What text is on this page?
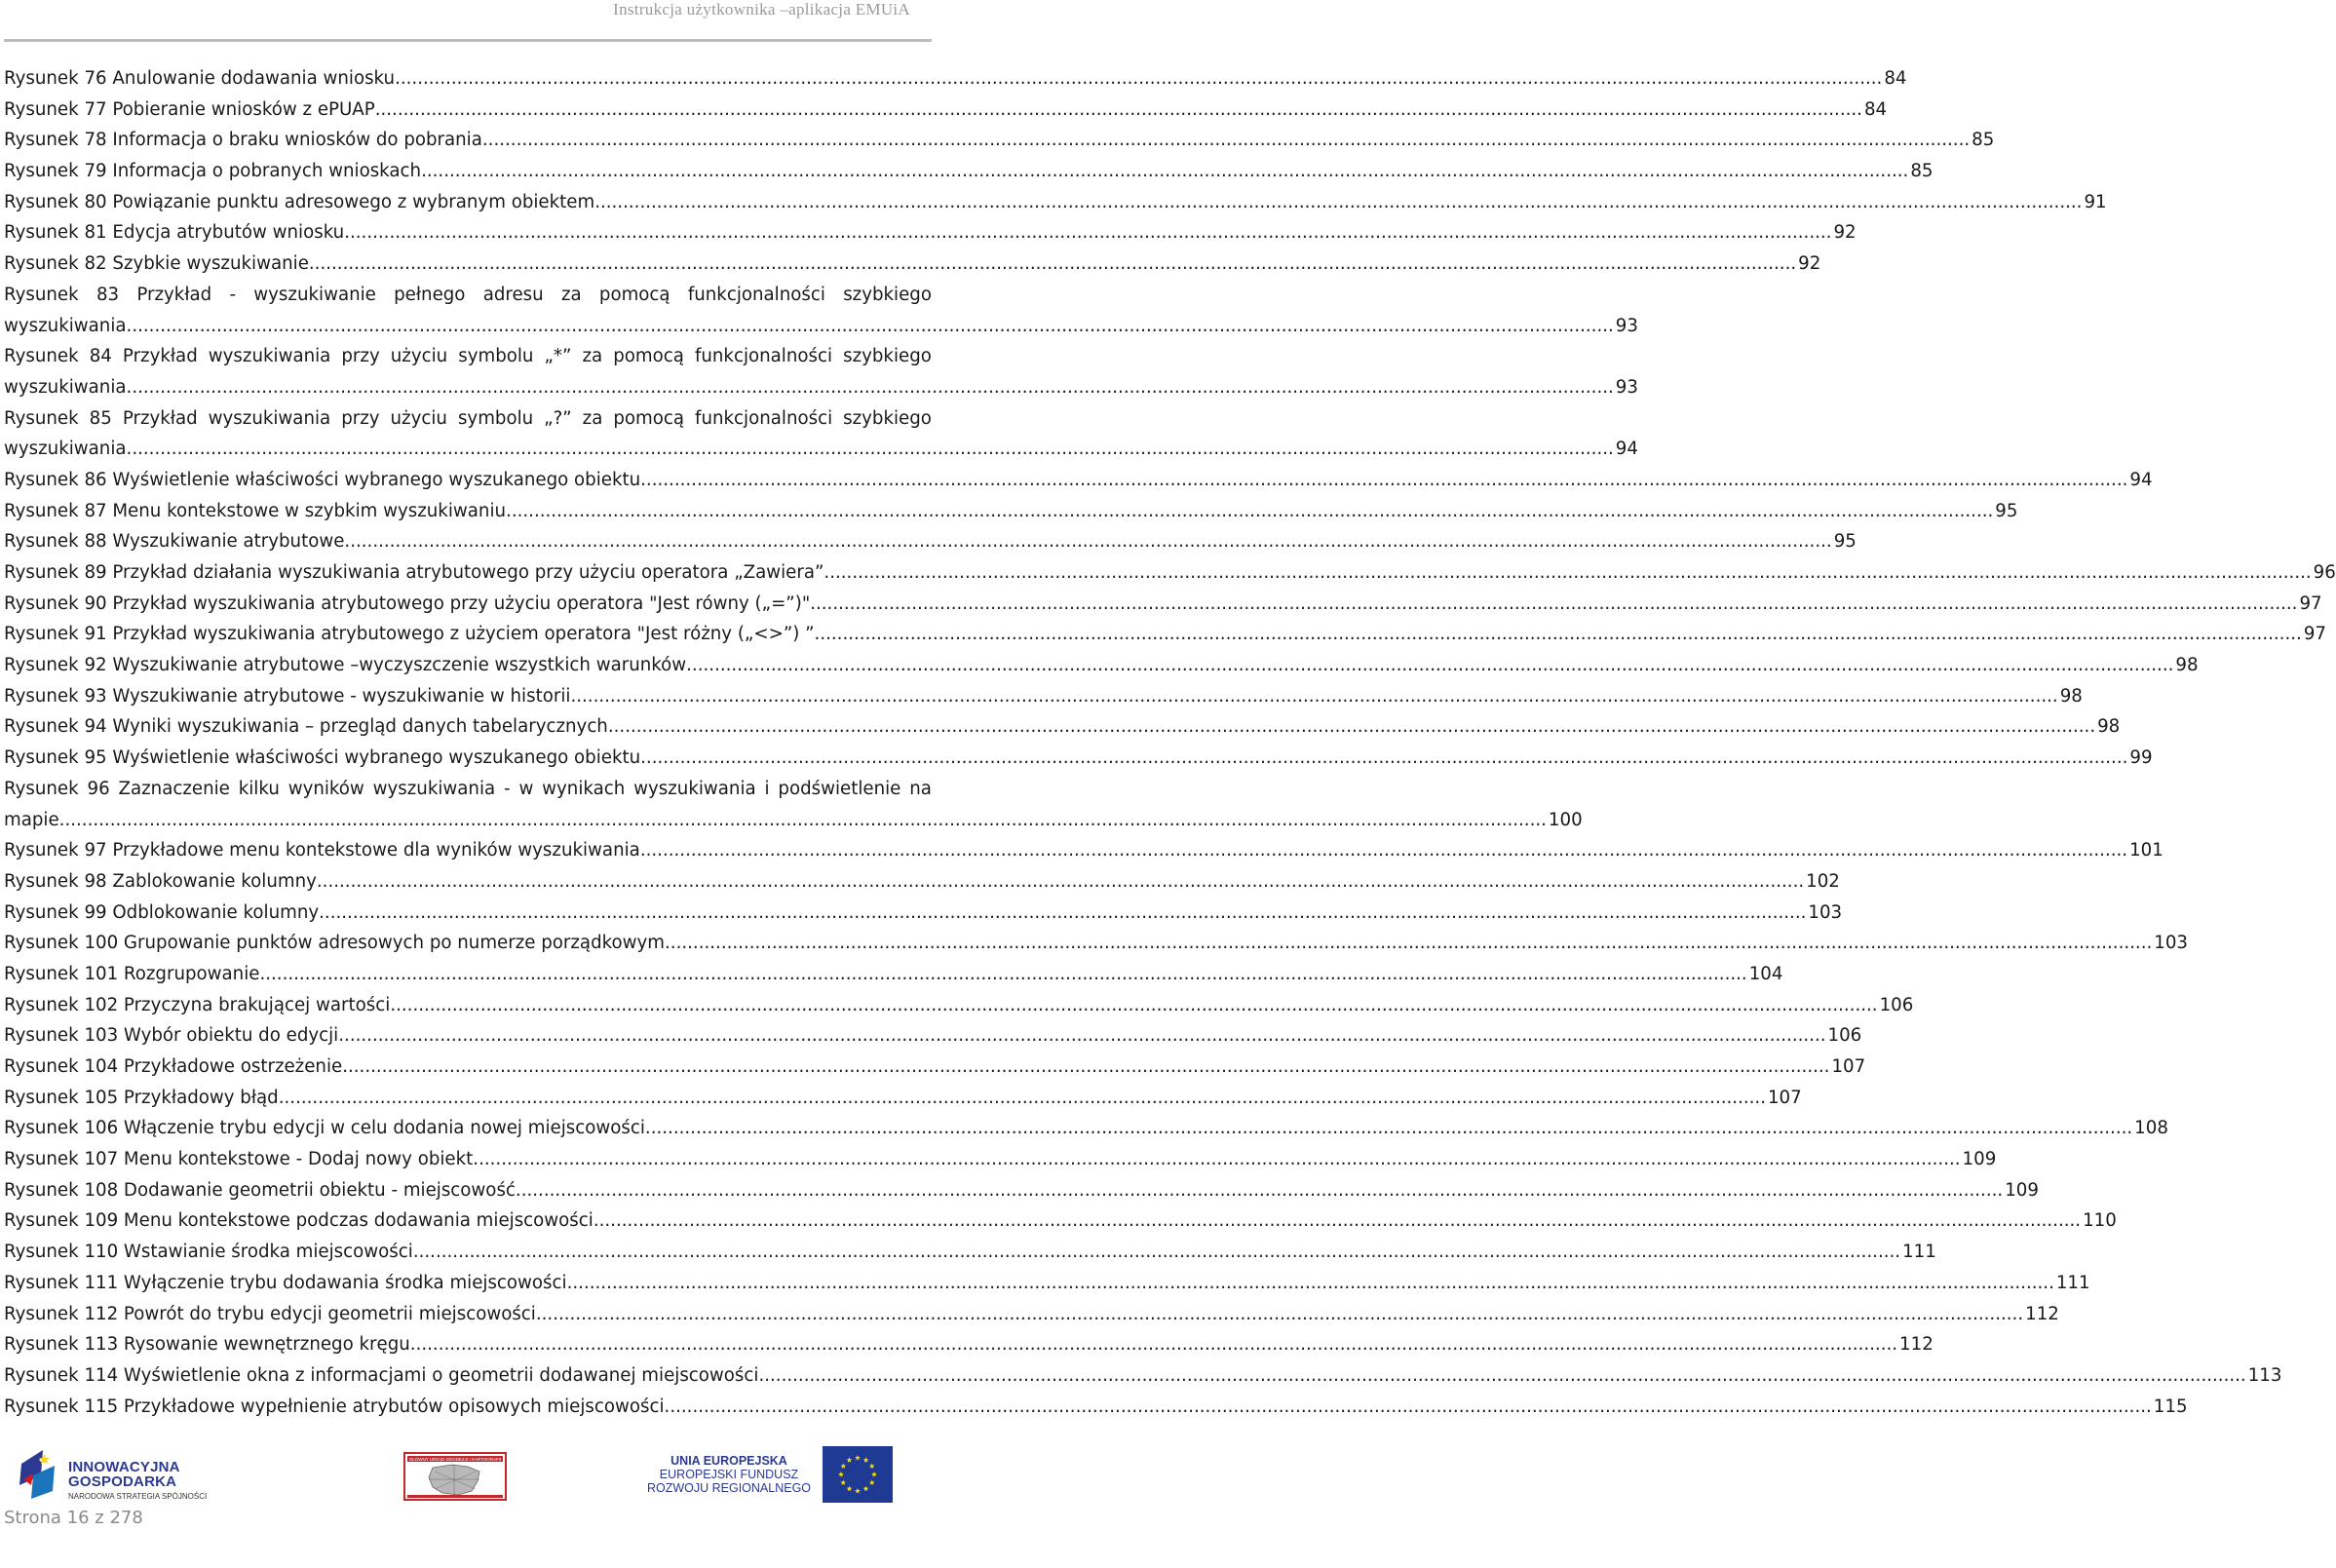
Instrukcja użytkownika –aplikacja EMUiA
Rysunek 76 Anulowanie dodawania wniosku .....	84
Rysunek 77 Pobieranie wniosków z ePUAP .....	84
Rysunek 78 Informacja o braku wniosków do pobrania .....	85
Rysunek 79 Informacja o pobranych wnioskach .....	85
Rysunek 80 Powiązanie punktu adresowego z wybranym obiektem .....	91
Rysunek 81 Edycja atrybutów wniosku .....	92
Rysunek 82 Szybkie wyszukiwanie .....	92
Rysunek 83 Przykład - wyszukiwanie pełnego adresu za pomocą funkcjonalności szybkiego
wyszukiwania .....	93
Rysunek 84 Przykład wyszukiwania przy użyciu symbolu „*” za pomocą funkcjonalności szybkiego
wyszukiwania .....	93
Rysunek 85 Przykład wyszukiwania przy użyciu symbolu „?” za pomocą funkcjonalności szybkiego
wyszukiwania .....	94
Rysunek 86 Wyświetlenie właściwości wybranego wyszukanego obiektu .....	94
Rysunek 87 Menu kontekstowe w szybkim wyszukiwaniu .....	95
Rysunek 88 Wyszukiwanie atrybutowe .....	95
Rysunek 89 Przykład działania wyszukiwania atrybutowego przy użyciu operatora „Zawiera” .....	96
Rysunek 90 Przykład wyszukiwania atrybutowego przy użyciu operatora "Jest równy („=”)" .....	97
Rysunek 91 Przykład wyszukiwania atrybutowego z użyciem operatora "Jest różny („<>”) ” .....	97
Rysunek 92 Wyszukiwanie atrybutowe –wyczyszczenie wszystkich warunków .....	98
Rysunek 93 Wyszukiwanie atrybutowe - wyszukiwanie w historii .....	98
Rysunek 94 Wyniki wyszukiwania – przegląd danych tabelarycznych .....	98
Rysunek 95 Wyświetlenie właściwości wybranego wyszukanego obiektu .....	99
Rysunek 96 Zaznaczenie kilku wyników wyszukiwania - w wynikach wyszukiwania i podświetlenie na
mapie .....	100
Rysunek 97 Przykładowe menu kontekstowe dla wyników wyszukiwania .....	101
Rysunek 98 Zablokowanie kolumny .....	102
Rysunek 99 Odblokowanie kolumny .....	103
Rysunek 100 Grupowanie punktów adresowych po numerze porządkowym .....	103
Rysunek 101 Rozgrupowanie .....	104
Rysunek 102 Przyczyna brakującej wartości .....	106
Rysunek 103 Wybór obiektu do edycji .....	106
Rysunek 104 Przykładowe ostrzeżenie .....	107
Rysunek 105 Przykładowy błąd .....	107
Rysunek 106 Włączenie trybu edycji w celu dodania nowej miejscowości .....	108
Rysunek 107 Menu kontekstowe - Dodaj nowy obiekt .....	109
Rysunek 108 Dodawanie geometrii obiektu - miejscowość .....	109
Rysunek 109 Menu kontekstowe podczas dodawania miejscowości .....	110
Rysunek 110 Wstawianie środka miejscowości .....	111
Rysunek 111 Wyłączenie trybu dodawania środka miejscowości .....	111
Rysunek 112 Powrót do trybu edycji geometrii miejscowości .....	112
Rysunek 113 Rysowanie wewnętrznego kręgu .....	112
Rysunek 114 Wyświetlenie okna z informacjami o geometrii dodawanej miejscowości .....	113
Rysunek 115 Przykładowe wypełnienie atrybutów opisowych miejscowości .....	115
INNOWACYJNA
GOSPODARKA
NARODOWA STRATEGIA SPÓJNOŚCI
GŁÓWNY URZĄD GEODEZJI I KARTOGRAFII	UNIA EUROPEJSKA
EUROPEJSKI FUNDUSZ
ROZWOJU REGIONALNEGO
Strona 16 z 278
